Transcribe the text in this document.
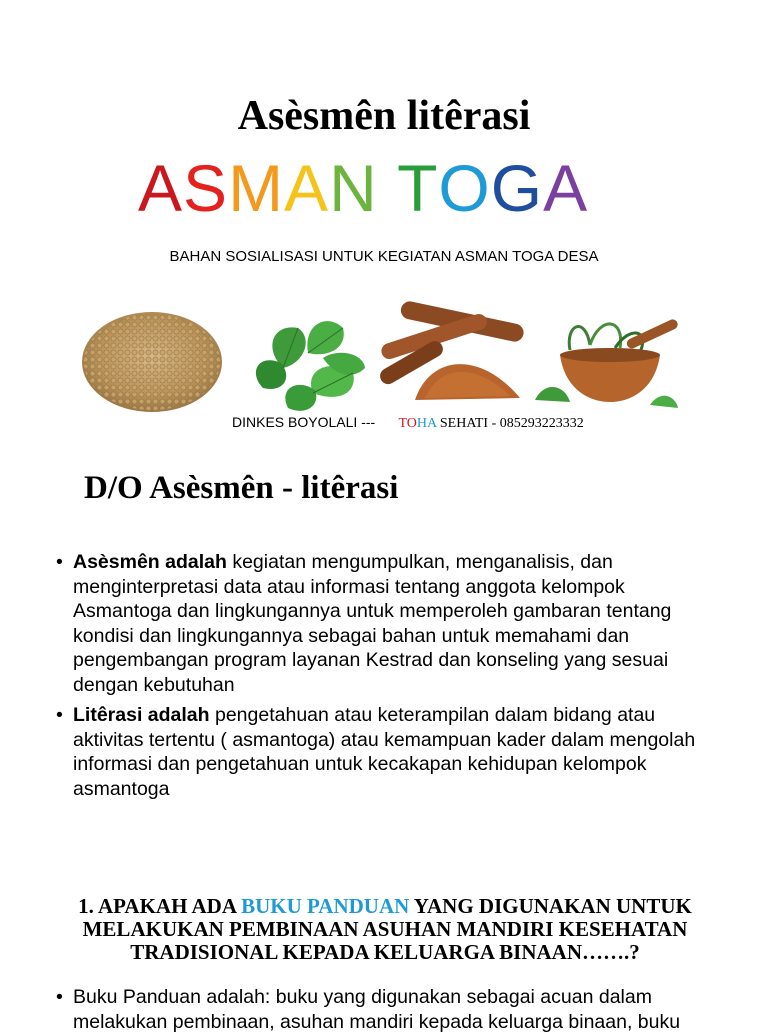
Asèsmên litêrasi
ASMAN TOGA

BAHAN SOSIALISASI UNTUK KEGIATAN ASMAN TOGA DESA

DINKES BOYOLALI --- TOHA SEHATI - 085293223332
D/O Asèsmên - litêrasi
• Asèsmên adalah kegiatan mengumpulkan, menganalisis, dan menginterpretasi data atau informasi tentang anggota kelompok Asmantoga dan lingkungannya untuk memperoleh gambaran tentang kondisi dan lingkungannya sebagai bahan untuk memahami dan pengembangan program layanan Kestrad dan konseling yang sesuai dengan kebutuhan
• Litêrasi adalah pengetahuan atau keterampilan dalam bidang atau aktivitas tertentu ( asmantoga) atau kemampuan kader dalam mengolah informasi dan pengetahuan untuk kecakapan kehidupan kelompok asmantoga

1. APAKAH ADA BUKU PANDUAN YANG DIGUNAKAN UNTUK MELAKUKAN PEMBINAAN ASUHAN MANDIRI KESEHATAN TRADISIONAL KEPADA KELUARGA BINAAN…….?

• Buku Panduan adalah: buku yang digunakan sebagai acuan dalam melakukan pembinaan, asuhan mandiri kepada keluarga binaan, buku
